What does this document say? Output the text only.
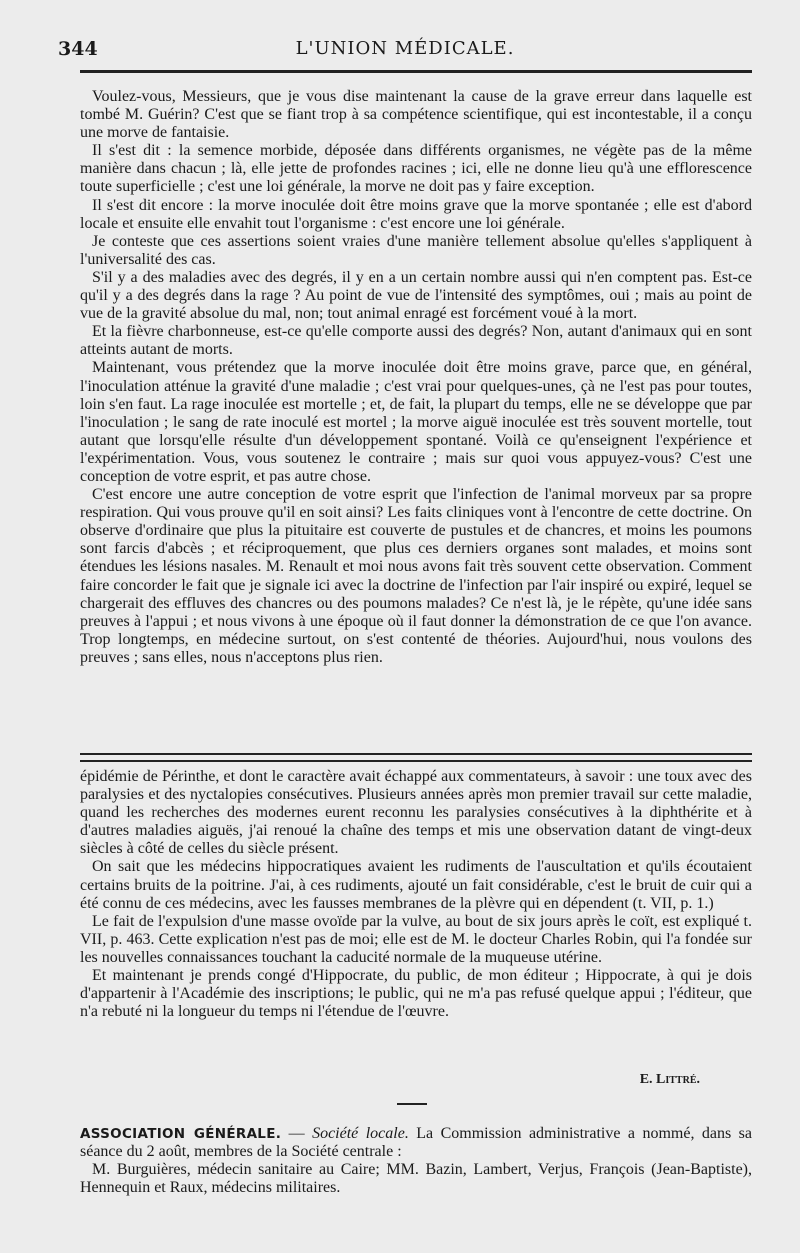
344	L'UNION MÉDICALE.

Voulez-vous, Messieurs, que je vous dise maintenant la cause de la grave erreur dans laquelle est tombé M. Guérin? C'est que se fiant trop à sa compétence scientifique, qui est incontestable, il a conçu une morve de fantaisie.

Il s'est dit : la semence morbide, déposée dans différents organismes, ne végète pas de la même manière dans chacun ; là, elle jette de profondes racines ; ici, elle ne donne lieu qu'à une efflorescence toute superficielle ; c'est une loi générale, la morve ne doit pas y faire exception.

Il s'est dit encore : la morve inoculée doit être moins grave que la morve spontanée ; elle est d'abord locale et ensuite elle envahit tout l'organisme : c'est encore une loi générale.

Je conteste que ces assertions soient vraies d'une manière tellement absolue qu'elles s'appliquent à l'universalité des cas.

S'il y a des maladies avec des degrés, il y en a un certain nombre aussi qui n'en comptent pas. Est-ce qu'il y a des degrés dans la rage ? Au point de vue de l'intensité des symptômes, oui ; mais au point de vue de la gravité absolue du mal, non; tout animal enragé est forcément voué à la mort.

Et la fièvre charbonneuse, est-ce qu'elle comporte aussi des degrés? Non, autant d'animaux qui en sont atteints autant de morts.

Maintenant, vous prétendez que la morve inoculée doit être moins grave, parce que, en général, l'inoculation atténue la gravité d'une maladie ; c'est vrai pour quelques-unes, çà ne l'est pas pour toutes, loin s'en faut. La rage inoculée est mortelle ; et, de fait, la plupart du temps, elle ne se développe que par l'inoculation ; le sang de rate inoculé est mortel ; la morve aiguë inoculée est très souvent mortelle, tout autant que lorsqu'elle résulte d'un développement spontané. Voilà ce qu'enseignent l'expérience et l'expérimentation. Vous, vous soutenez le contraire ; mais sur quoi vous appuyez-vous? C'est une conception de votre esprit, et pas autre chose.

C'est encore une autre conception de votre esprit que l'infection de l'animal morveux par sa propre respiration. Qui vous prouve qu'il en soit ainsi? Les faits cliniques vont à l'encontre de cette doctrine. On observe d'ordinaire que plus la pituitaire est couverte de pustules et de chancres, et moins les poumons sont farcis d'abcès ; et réciproquement, que plus ces derniers organes sont malades, et moins sont étendues les lésions nasales. M. Renault et moi nous avons fait très souvent cette observation. Comment faire concorder le fait que je signale ici avec la doctrine de l'infection par l'air inspiré ou expiré, lequel se chargerait des effluves des chancres ou des poumons malades? Ce n'est là, je le répète, qu'une idée sans preuves à l'appui ; et nous vivons à une époque où il faut donner la démonstration de ce que l'on avance. Trop longtemps, en médecine surtout, on s'est contenté de théories. Aujourd'hui, nous voulons des preuves ; sans elles, nous n'acceptons plus rien.

épidémie de Périnthe, et dont le caractère avait échappé aux commentateurs, à savoir : une toux avec des paralysies et des nyctalopies consécutives. Plusieurs années après mon premier travail sur cette maladie, quand les recherches des modernes eurent reconnu les paralysies consécutives à la diphthérite et à d'autres maladies aiguës, j'ai renoué la chaîne des temps et mis une observation datant de vingt-deux siècles à côté de celles du siècle présent.

On sait que les médecins hippocratiques avaient les rudiments de l'auscultation et qu'ils écoutaient certains bruits de la poitrine. J'ai, à ces rudiments, ajouté un fait considérable, c'est le bruit de cuir qui a été connu de ces médecins, avec les fausses membranes de la plèvre qui en dépendent (t. VII, p. 1.)

Le fait de l'expulsion d'une masse ovoïde par la vulve, au bout de six jours après le coït, est expliqué t. VII, p. 463. Cette explication n'est pas de moi; elle est de M. le docteur Charles Robin, qui l'a fondée sur les nouvelles connaissances touchant la caducité normale de la muqueuse utérine.

Et maintenant je prends congé d'Hippocrate, du public, de mon éditeur ; Hippocrate, à qui je dois d'appartenir à l'Académie des inscriptions; le public, qui ne m'a pas refusé quelque appui ; l'éditeur, que n'a rebuté ni la longueur du temps ni l'étendue de l'œuvre.

E. Littré.

ASSOCIATION GÉNÉRALE. — Société locale. La Commission administrative a nommé, dans sa séance du 2 août, membres de la Société centrale :

M. Burguières, médecin sanitaire au Caire; MM. Bazin, Lambert, Verjus, François (Jean-Baptiste), Hennequin et Raux, médecins militaires.
